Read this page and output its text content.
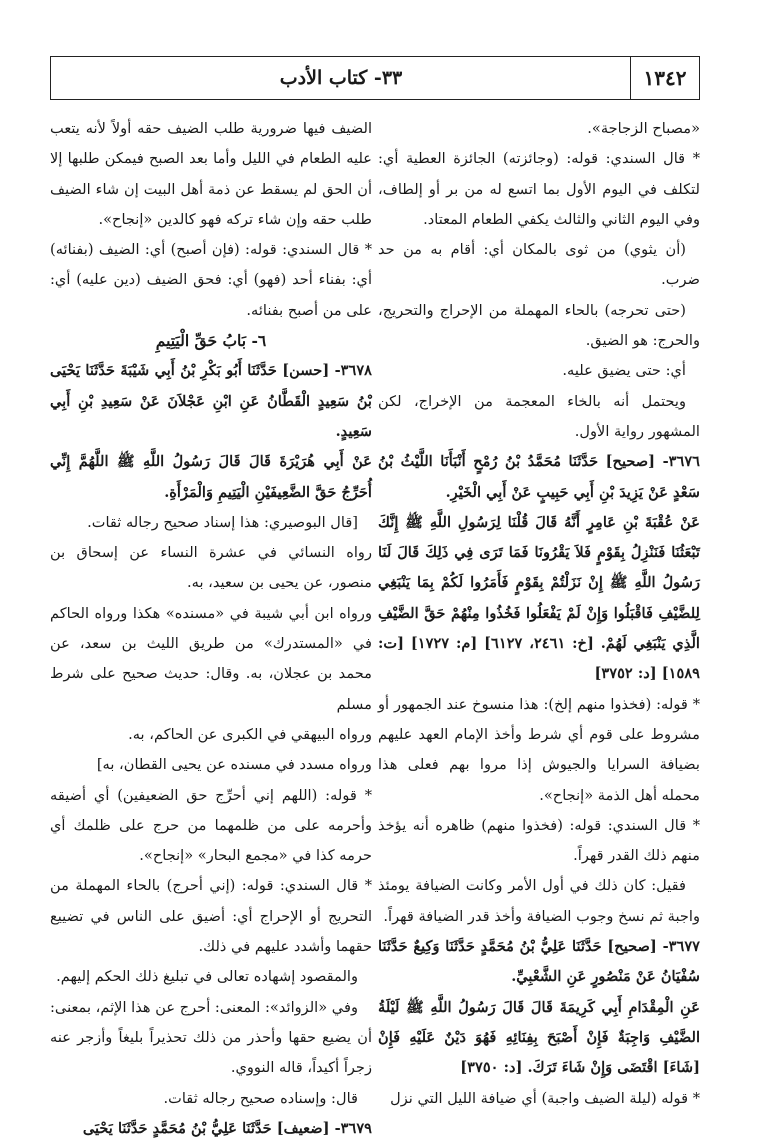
١٣٤٢
٣٣- كتاب الأدب

«مصباح الزجاجة».

* قال السندي: قوله: (وجائزته) الجائزة العطية أي: لتكلف في اليوم الأول بما اتسع له من بر أو إلطاف، وفي اليوم الثاني والثالث يكفي الطعام المعتاد.

(أن يثوي) من ثوى بالمكان أي: أقام به من حد ضرب.

(حتى تحرجه) بالحاء المهملة من الإحراج والتحريج، والحرج: هو الضيق.

أي: حتى يضيق عليه.

ويحتمل أنه بالخاء المعجمة من الإخراج، لكن المشهور رواية الأول.

٣٦٧٦- [صحيح] حَدَّثَنَا مُحَمَّدُ بْنُ رُمْحٍ أَنْبَأَنَا اللَّيْثُ بْنُ سَعْدٍ عَنْ يَزِيدَ بْنِ أَبِي حَبِيبٍ عَنْ أَبِي الْخَيْرِ.

عَنْ عُقْبَةَ بْنِ عَامِرٍ أَنَّهُ قَالَ قُلْنَا لِرَسُولِ اللَّهِ ﷺ إِنَّكَ تَبْعَثُنَا فَنَنْزِلُ بِقَوْمٍ فَلاَ يَقْرُونَا فَمَا تَرَى فِي ذَلِكَ قَالَ لَنَا رَسُولُ اللَّهِ ﷺ إِنْ نَزَلْتُمْ بِقَوْمٍ فَأَمَرُوا لَكُمْ بِمَا يَنْبَغِي لِلضَّيْفِ فَاقْبَلُوا وَإِنْ لَمْ يَفْعَلُوا فَخُذُوا مِنْهُمْ حَقَّ الضَّيْفِ الَّذِي يَنْبَغِي لَهُمْ. [خ: ٢٤٦١، ٦١٢٧] [م: ١٧٢٧] [ت: ١٥٨٩] [د: ٣٧٥٢]

* قوله: (فخذوا منهم إلخ): هذا منسوخ عند الجمهور أو مشروط على قوم أي شرط وأخذ الإمام العهد عليهم بضيافة السرايا والجيوش إذا مروا بهم فعلى هذا محمله أهل الذمة «إنجاح».

* قال السندي: قوله: (فخذوا منهم) ظاهره أنه يؤخذ منهم ذلك القدر قهراً.

فقيل: كان ذلك في أول الأمر وكانت الضيافة يومئذ واجبة ثم نسخ وجوب الضيافة وأخذ قدر الضيافة قهراً.

٣٦٧٧- [صحيح] حَدَّثَنَا عَلِيُّ بْنُ مُحَمَّدٍ حَدَّثَنَا وَكِيعٌ حَدَّثَنَا سُفْيَانُ عَنْ مَنْصُورٍ عَنِ الشَّعْبِيِّ.

عَنِ الْمِقْدَامِ أَبِي كَرِيمَةَ قَالَ قَالَ رَسُولُ اللَّهِ ﷺ لَيْلَةُ الضَّيْفِ وَاجِبَةٌ فَإِنْ أَصْبَحَ بِفِنَائِهِ فَهُوَ دَيْنٌ عَلَيْهِ فَإِنْ [شَاءَ] اقْتَضَى وَإِنْ شَاءَ تَرَكَ. [د: ٣٧٥٠]

* قوله (ليلة الضيف واجبة) أي ضيافة الليل التي نزل

الضيف فيها ضرورية طلب الضيف حقه أولاً لأنه يتعب عليه الطعام في الليل وأما بعد الصبح فيمكن طلبها إلا أن الحق لم يسقط عن ذمة أهل البيت إن شاء الضيف طلب حقه وإن شاء تركه فهو كالدين «إنجاح».

* قال السندي: قوله: (فإن أصبح) أي: الضيف (بفنائه) أي: بفناء أحد (فهو) أي: فحق الضيف (دين عليه) أي: على من أصبح بفنائه.

٦- بَابُ حَقِّ الْيَتِيمِ

٣٦٧٨- [حسن] حَدَّثَنَا أَبُو بَكْرِ بْنُ أَبِي شَيْبَةَ حَدَّثَنَا يَحْيَى بْنُ سَعِيدٍ الْقَطَّانُ عَنِ ابْنِ عَجْلاَنَ عَنْ سَعِيدِ بْنِ أَبِي سَعِيدٍ.

عَنْ أَبِي هُرَيْرَةَ قَالَ قَالَ رَسُولُ اللَّهِ ﷺ اللَّهُمَّ إِنِّي أُحَرِّجُ حَقَّ الضَّعِيفَيْنِ الْيَتِيمِ وَالْمَرْأَةِ.

[قال البوصيري: هذا إسناد صحيح رجاله ثقات.

رواه النسائي في عشرة النساء عن إسحاق بن منصور، عن يحيى بن سعيد، به.

ورواه ابن أبي شيبة في «مسنده» هكذا ورواه الحاكم في «المستدرك» من طريق الليث بن سعد، عن محمد بن عجلان، به. وقال: حديث صحيح على شرط مسلم

ورواه البيهقي في الكبرى عن الحاكم، به.

ورواه مسدد في مسنده عن يحيى القطان، به]

* قوله: (اللهم إني أحرِّج حق الضعيفين) أي أضيقه وأحرمه على من ظلمهما من حرج على ظلمك أي حرمه كذا في «مجمع البحار» «إنجاح».

* قال السندي: قوله: (إني أحرج) بالحاء المهملة من التحريج أو الإحراج أي: أضيق على الناس في تضييع حقهما وأشدد عليهم في ذلك.

والمقصود إشهاده تعالى في تبليغ ذلك الحكم إليهم.

وفي «الزوائد»: المعنى: أحرج عن هذا الإثم، بمعنى: أن يضيع حقها وأحذر من ذلك تحذيراً بليغاً وأزجر عنه زجراً أكيداً، قاله النووي.

قال: وإسناده صحيح رجاله ثقات.

٣٦٧٩- [ضعيف] حَدَّثَنَا عَلِيُّ بْنُ مُحَمَّدٍ حَدَّثَنَا يَحْيَى
